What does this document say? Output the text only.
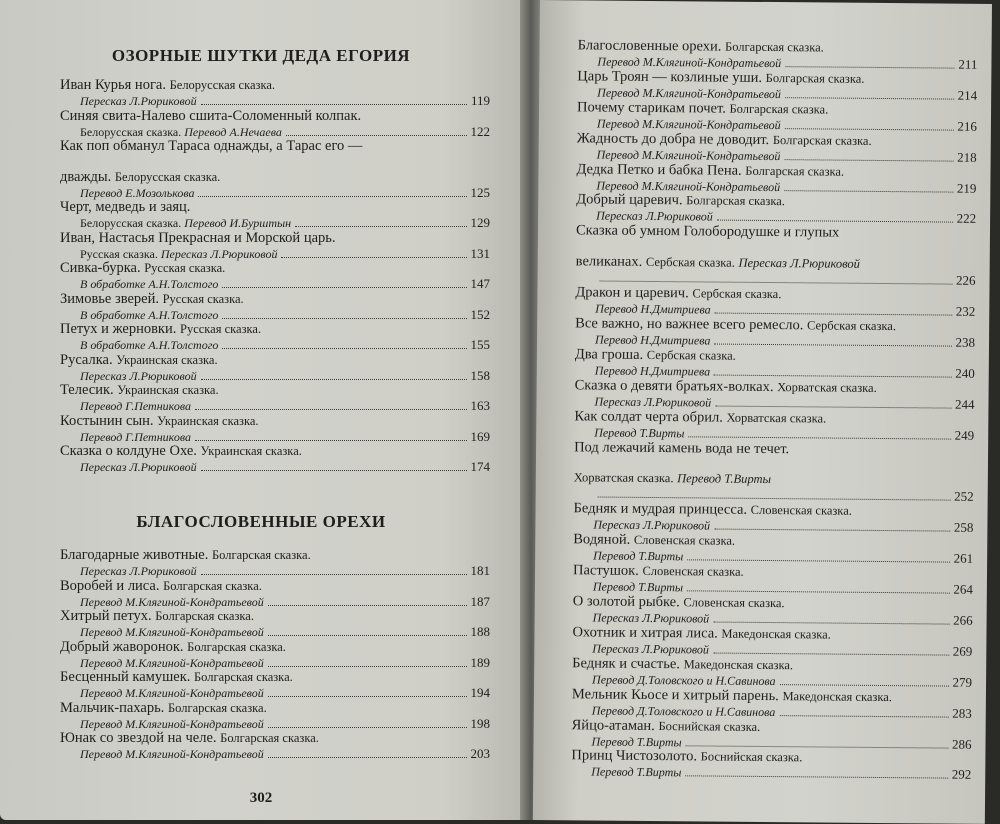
ОЗОРНЫЕ ШУТКИ ДЕДА ЕГОРИЯ
Иван Курья нога. Белорусская сказка.
Пересказ Л.Рюриковой	119
Синяя свита-Налево сшита-Соломенный колпак.
Белорусская сказка.
Перевод А.Нечаева	122
Как поп обманул Тараса однажды, а Тарас его —
дважды. Белорусская сказка.
Перевод Е.Мозолькова	125
Черт, медведь и заяц.
Белорусская сказка.
Перевод И.Бурштын	129
Иван, Настасья Прекрасная и Морской царь.
Русская сказка.
Пересказ Л.Рюриковой	131
Сивка-бурка. Русская сказка.
В обработке А.Н.Толстого	147
Зимовье зверей. Русская сказка.
В обработке А.Н.Толстого	152
Петух и жерновки. Русская сказка.
В обработке А.Н.Толстого	155
Русалка. Украинская сказка.
Пересказ Л.Рюриковой	158
Телесик. Украинская сказка.
Перевод Г.Петникова	163
Костынин сын. Украинская сказка.
Перевод Г.Петникова	169
Сказка о колдуне Охе. Украинская сказка.
Пересказ Л.Рюриковой	174
БЛАГОСЛОВЕННЫЕ ОРЕХИ
Благодарные животные. Болгарская сказка.
Пересказ Л.Рюриковой	181
Воробей и лиса. Болгарская сказка.
Перевод М.Клягиной-Кондратьевой	187
Хитрый петух. Болгарская сказка.
Перевод М.Клягиной-Кондратьевой	188
Добрый жаворонок. Болгарская сказка.
Перевод М.Клягиной-Кондратьевой	189
Бесценный камушек. Болгарская сказка.
Перевод М.Клягиной-Кондратьевой	194
Мальчик-пахарь. Болгарская сказка.
Перевод М.Клягиной-Кондратьевой	198
Юнак со звездой на челе. Болгарская сказка.
Перевод М.Клягиной-Кондратьевой	203

302

Благословенные орехи. Болгарская сказка.
Перевод М.Клягиной-Кондратьевой	211
Царь Троян — козлиные уши. Болгарская сказка.
Перевод М.Клягиной-Кондратьевой	214
Почему старикам почет. Болгарская сказка.
Перевод М.Клягиной-Кондратьевой	216
Жадность до добра не доводит. Болгарская сказка.
Перевод М.Клягиной-Кондратьевой	218
Дедка Петко и бабка Пена. Болгарская сказка.
Перевод М.Клягиной-Кондратьевой	219
Добрый царевич. Болгарская сказка.
Пересказ Л.Рюриковой	222
Сказка об умном Голобородушке и глупых
великанах. Сербская сказка. Пересказ Л.Рюриковой
226
Дракон и царевич. Сербская сказка.
Перевод Н.Дмитриева	232
Все важно, но важнее всего ремесло. Сербская сказка.
Перевод Н.Дмитриева	238
Два гроша. Сербская сказка.
Перевод Н.Дмитриева	240
Сказка о девяти братьях-волках. Хорватская сказка.
Пересказ Л.Рюриковой	244
Как солдат черта обрил. Хорватская сказка.
Перевод Т.Вирты	249
Под лежачий камень вода не течет.
Хорватская сказка. Перевод Т.Вирты
252
Бедняк и мудрая принцесса. Словенская сказка.
Пересказ Л.Рюриковой	258
Водяной. Словенская сказка.
Перевод Т.Вирты	261
Пастушок. Словенская сказка.
Перевод Т.Вирты	264
О золотой рыбке. Словенская сказка.
Пересказ Л.Рюриковой	266
Охотник и хитрая лиса. Македонская сказка.
Пересказ Л.Рюриковой	269
Бедняк и счастье. Македонская сказка.
Перевод Д.Толовского и Н.Савинова	279
Мельник Кьосе и хитрый парень. Македонская сказка.
Перевод Д.Толовского и Н.Савинова	283
Яйцо-атаман. Боснийская сказка.
Перевод Т.Вирты	286
Принц Чистозолото. Боснийская сказка.
Перевод Т.Вирты	292
